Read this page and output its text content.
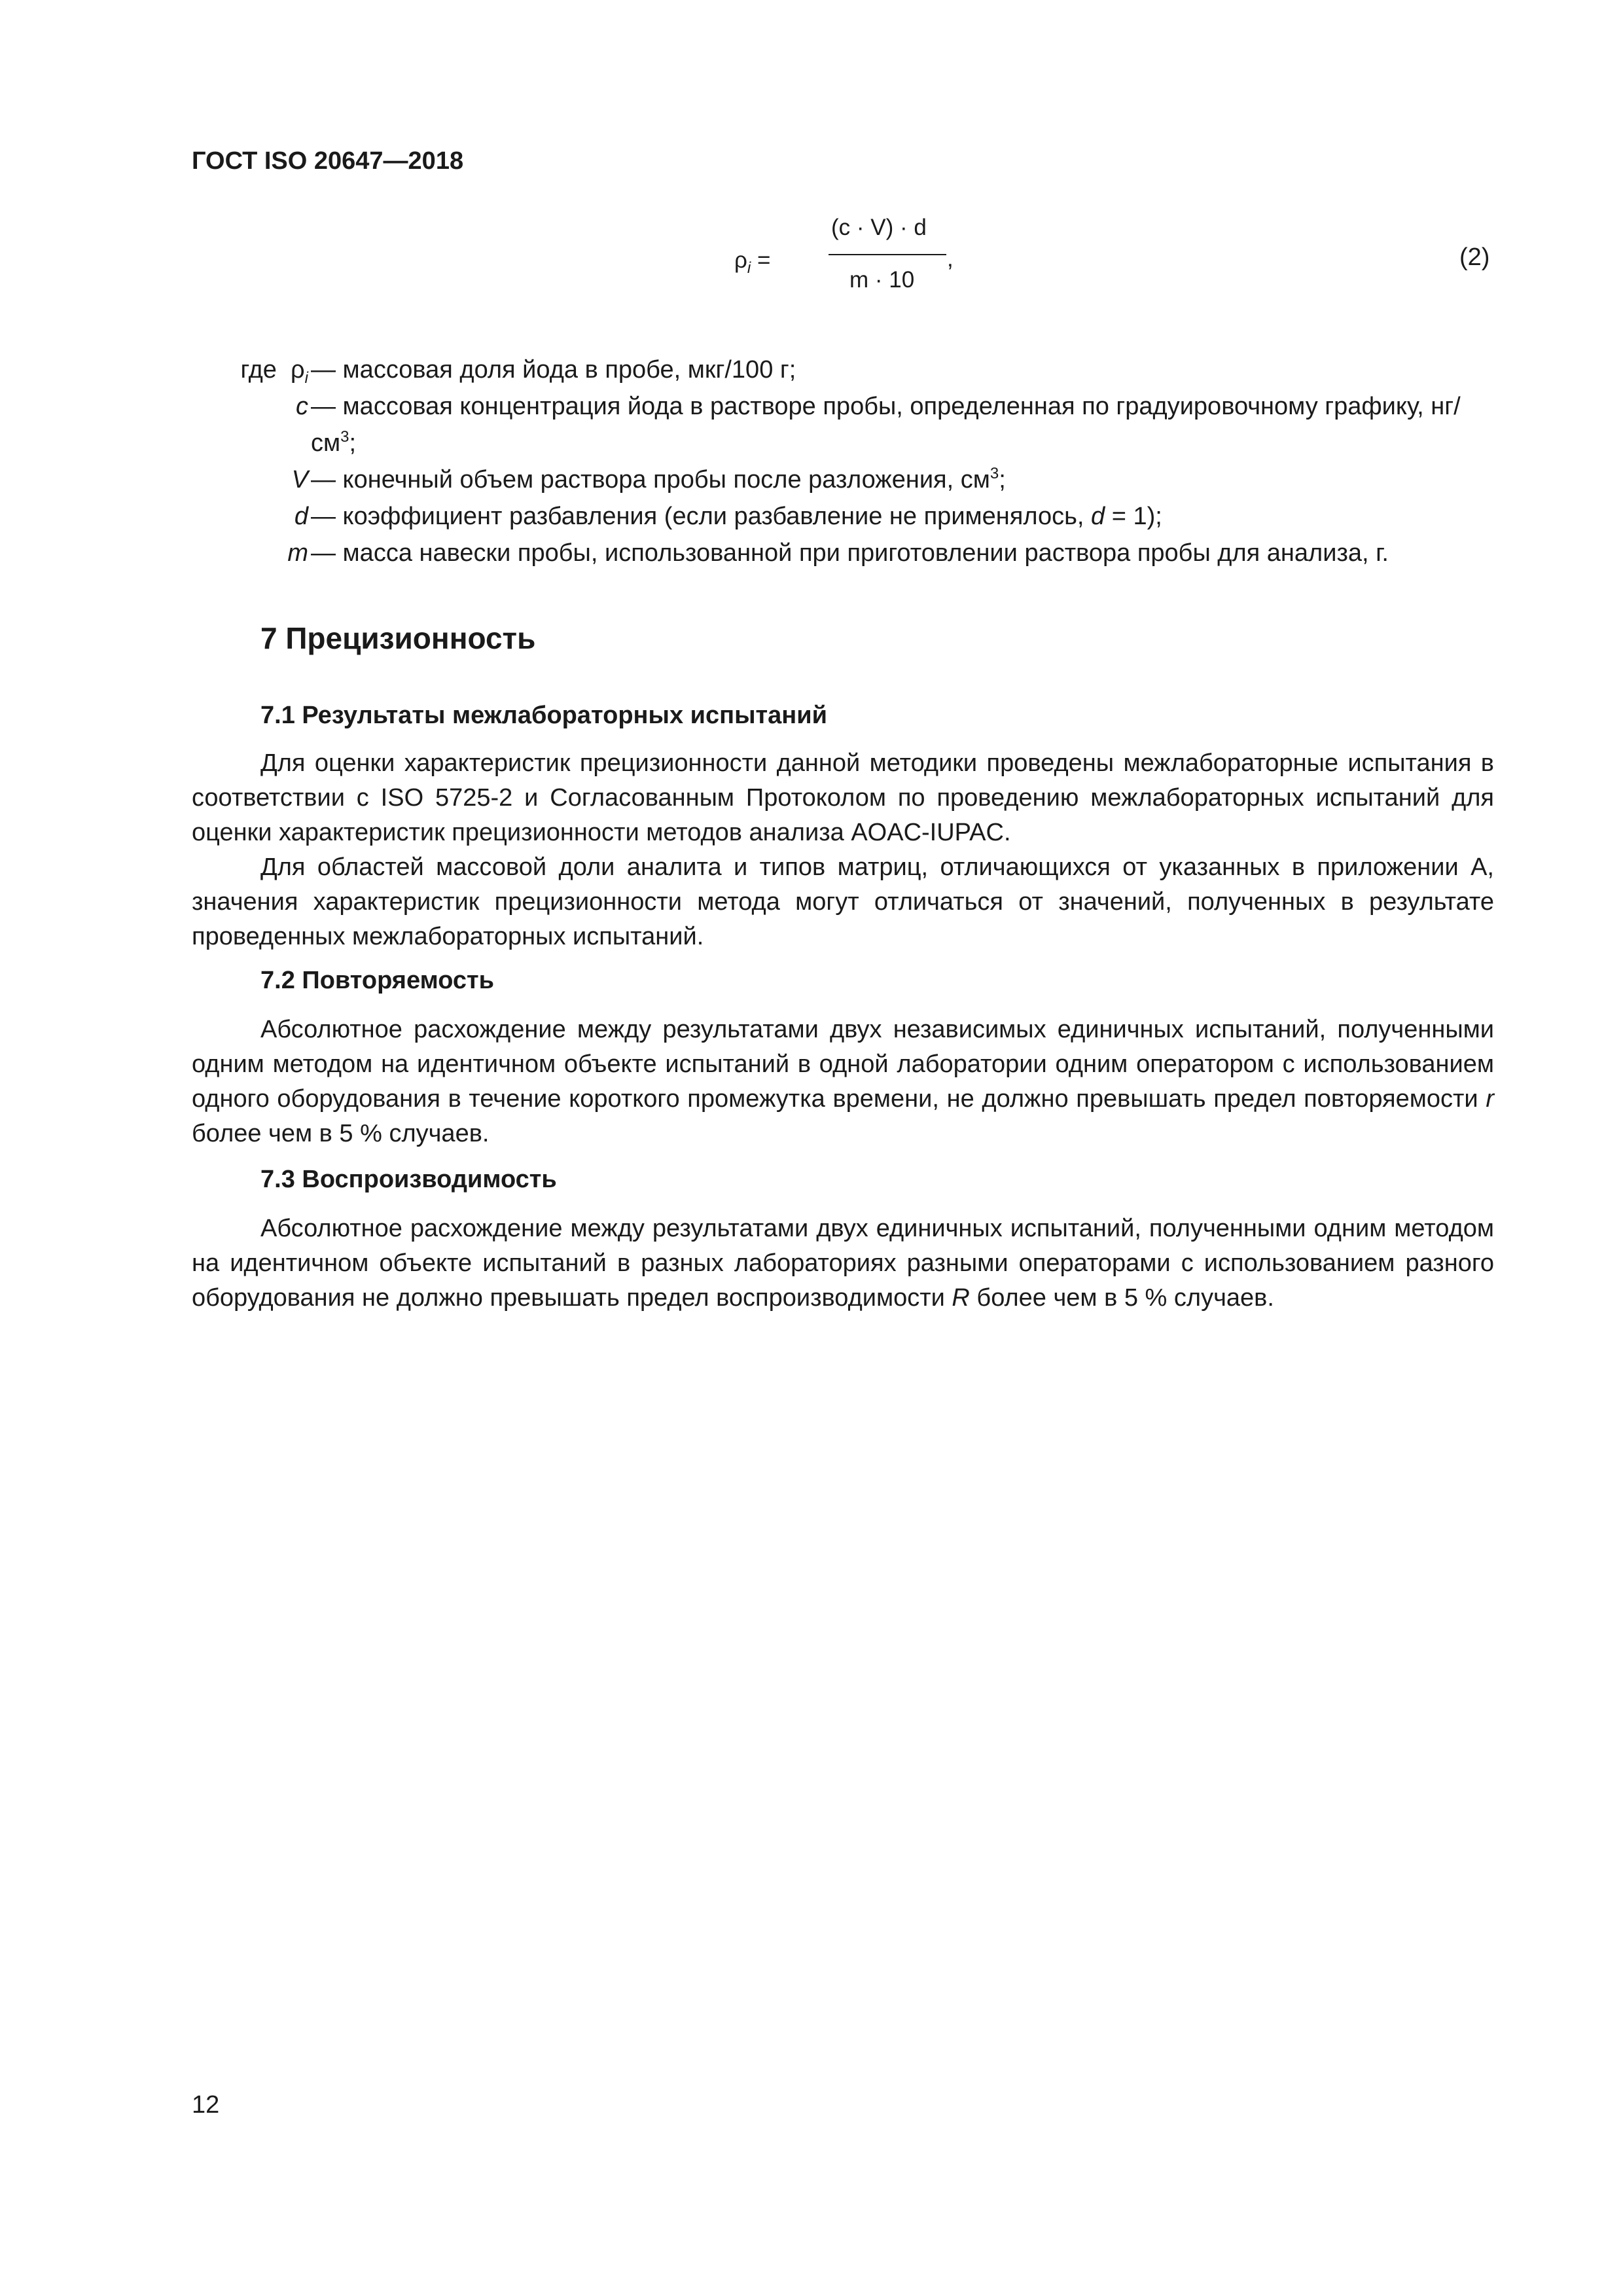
ГОСТ ISO 20647—2018
$\rho_i$ =
(c · V) · d
m · 10
,	(2)
где $\rho_i$ — массовая доля йода в пробе, мкг/100 г;
c — массовая концентрация йода в растворе пробы, определенная по градуировочному графику, $нг/см^3$;
V — конечный объем раствора пробы после разложения, $см^3$;
d — коэффициент разбавления (если разбавление не применялось, d = 1);
m — масса навески пробы, использованной при приготовлении раствора пробы для анализа, г.
7 Прецизионность
7.1 Результаты межлабораторных испытаний
Для оценки характеристик прецизионности данной методики проведены межлабораторные испытания в соответствии с ISO 5725-2 и Согласованным Протоколом по проведению межлабораторных испытаний для оценки характеристик прецизионности методов анализа AOAC-IUPAC.
Для областей массовой доли аналита и типов матриц, отличающихся от указанных в приложении А, значения характеристик прецизионности метода могут отличаться от значений, полученных в результате проведенных межлабораторных испытаний.
7.2 Повторяемость
Абсолютное расхождение между результатами двух независимых единичных испытаний, полученными одним методом на идентичном объекте испытаний в одной лаборатории одним оператором с использованием одного оборудования в течение короткого промежутка времени, не должно превышать предел повторяемости r более чем в 5 % случаев.
7.3 Воспроизводимость
Абсолютное расхождение между результатами двух единичных испытаний, полученными одним методом на идентичном объекте испытаний в разных лабораториях разными операторами с использованием разного оборудования не должно превышать предел воспроизводимости R более чем в 5 % случаев.
12
